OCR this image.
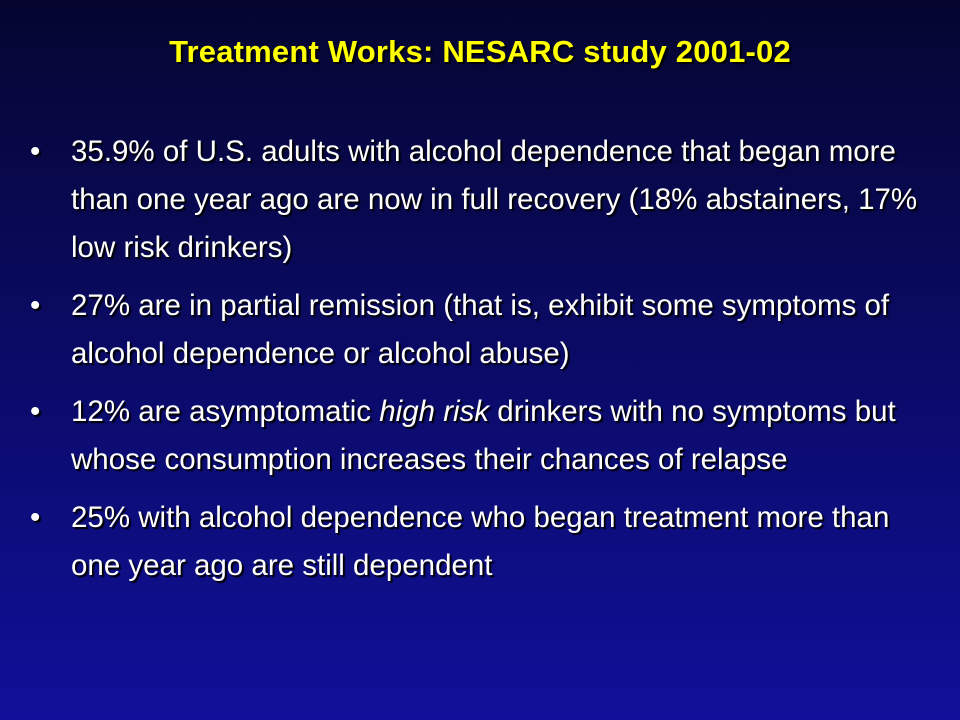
Treatment Works: NESARC study 2001-02
•	35.9% of U.S. adults with alcohol dependence that began more than one year ago are now in full recovery (18% abstainers, 17% low risk drinkers)
•	27% are in partial remission (that is, exhibit some symptoms of alcohol dependence or alcohol abuse)
•	12% are asymptomatic high risk drinkers with no symptoms but whose consumption increases their chances of relapse
•	25% with alcohol dependence who began treatment more than one year ago are still dependent
